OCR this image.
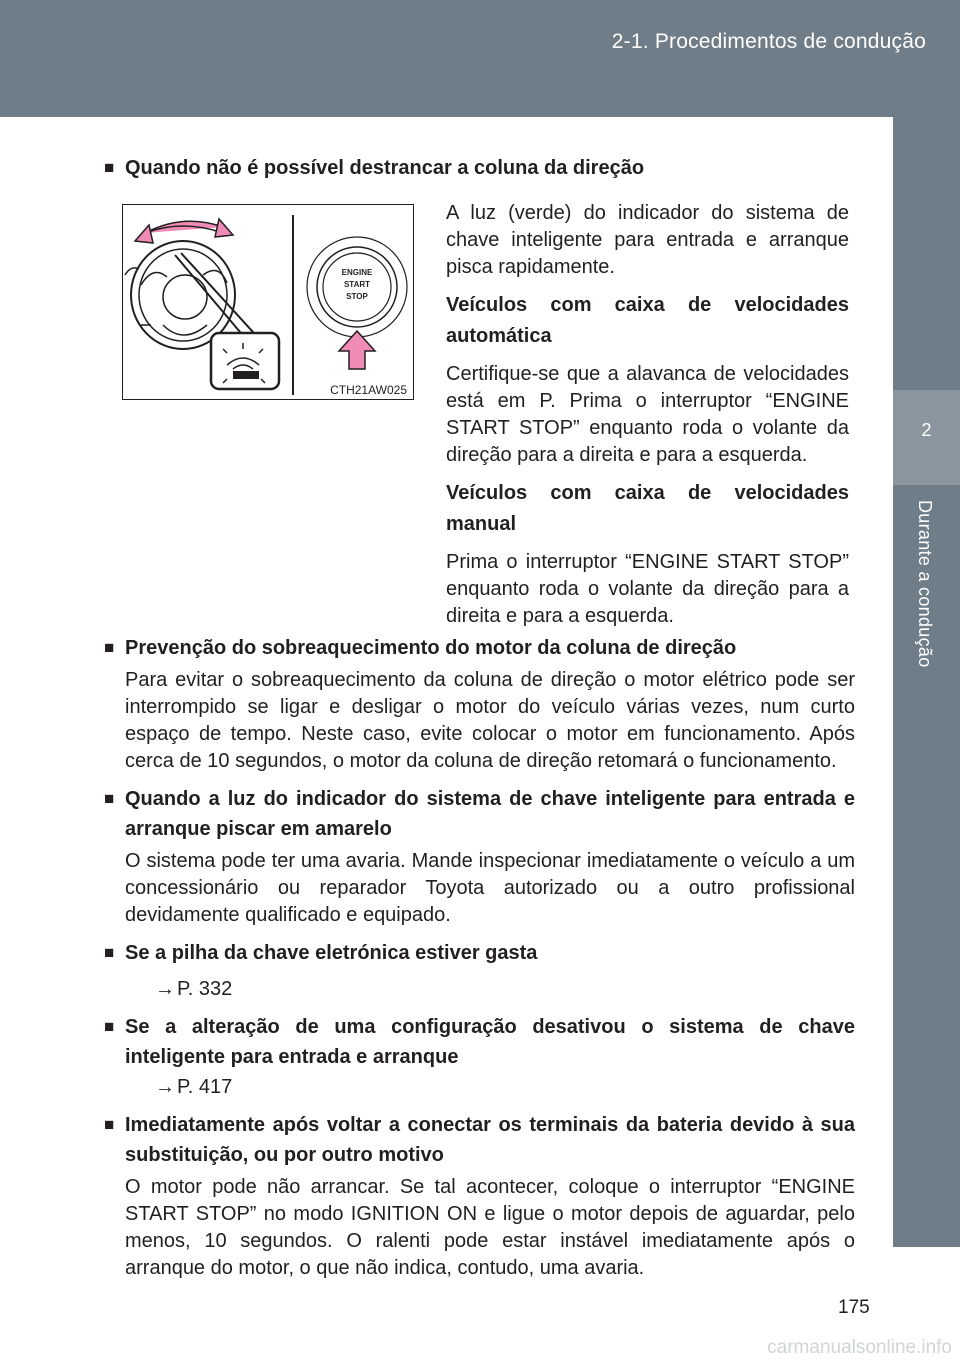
2-1. Procedimentos de condução
2
Durante a condução
■ Quando não é possível destrancar a coluna da direção
ENGINE
START
STOP
CTH21AW025
A luz (verde) do indicador do sistema de chave inteligente para entrada e arranque pisca rapidamente.
Veículos com caixa de velocidades automática
Certifique-se que a alavanca de velocidades está em P. Prima o interruptor “ENGINE START STOP” enquanto roda o volante da direção para a direita e para a esquerda.
Veículos com caixa de velocidades manual
Prima o interruptor “ENGINE START STOP” enquanto roda o volante da direção para a direita e para a esquerda.
■ Prevenção do sobreaquecimento do motor da coluna de direção
Para evitar o sobreaquecimento da coluna de direção o motor elétrico pode ser interrompido se ligar e desligar o motor do veículo várias vezes, num curto espaço de tempo. Neste caso, evite colocar o motor em funcionamento. Após cerca de 10 segundos, o motor da coluna de direção retomará o funcionamento.
■ Quando a luz do indicador do sistema de chave inteligente para entrada e arranque piscar em amarelo
O sistema pode ter uma avaria. Mande inspecionar imediatamente o veículo a um concessionário ou reparador Toyota autorizado ou a outro profissional devidamente qualificado e equipado.
■ Se a pilha da chave eletrónica estiver gasta
→ P. 332
■ Se a alteração de uma configuração desativou o sistema de chave inteligente para entrada e arranque
→ P. 417
■ Imediatamente após voltar a conectar os terminais da bateria devido à sua substituição, ou por outro motivo
O motor pode não arrancar. Se tal acontecer, coloque o interruptor “ENGINE START STOP” no modo IGNITION ON e ligue o motor depois de aguardar, pelo menos, 10 segundos. O ralenti pode estar instável imediatamente após o arranque do motor, o que não indica, contudo, uma avaria.
175
carmanualsonline.info
